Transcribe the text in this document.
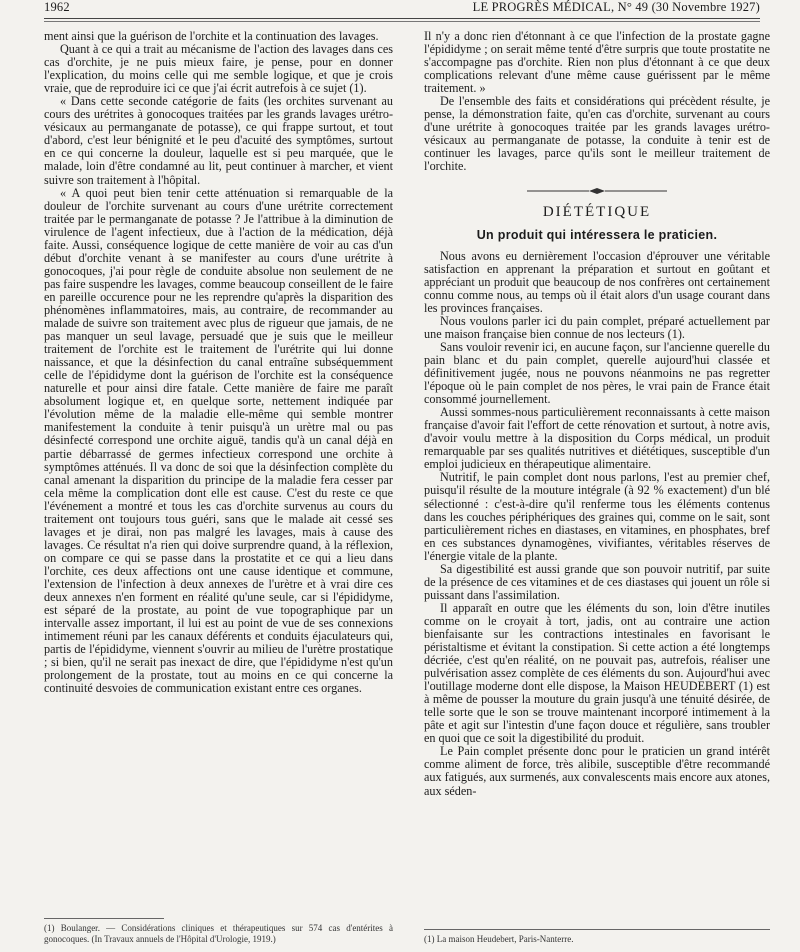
1962	LE PROGRÈS MÉDICAL, N° 49 (30 Novembre 1927)

ment ainsi que la guérison de l'orchite et la continuation des lavages.

Quant à ce qui a trait au mécanisme de l'action des lavages dans ces cas d'orchite, je ne puis mieux faire, je pense, pour en donner l'explication, du moins celle qui me semble logique, et que je crois vraie, que de reproduire ici ce que j'ai écrit autrefois à ce sujet (1).

« Dans cette seconde catégorie de faits (les orchites survenant au cours des urétrites à gonocoques traitées par les grands lavages urétro-vésicaux au permanganate de potasse), ce qui frappe surtout, et tout d'abord, c'est leur bénignité et le peu d'acuité des symptômes, surtout en ce qui concerne la douleur, laquelle est si peu marquée, que le malade, loin d'être condamné au lit, peut continuer à marcher, et vient suivre son traitement à l'hôpital.

« A quoi peut bien tenir cette atténuation si remarquable de la douleur de l'orchite survenant au cours d'une urétrite correctement traitée par le permanganate de potasse ? Je l'attribue à la diminution de virulence de l'agent infectieux, due à l'action de la médication, déjà faite. Aussi, conséquence logique de cette manière de voir au cas d'un début d'orchite venant à se manifester au cours d'une urétrite à gonocoques, j'ai pour règle de conduite absolue non seulement de ne pas faire suspendre les lavages, comme beaucoup conseillent de le faire en pareille occurence pour ne les reprendre qu'après la disparition des phénomènes inflammatoires, mais, au contraire, de recommander au malade de suivre son traitement avec plus de rigueur que jamais, de ne pas manquer un seul lavage, persuadé que je suis que le meilleur traitement de l'orchite est le traitement de l'urétrite qui lui donne naissance, et que la désinfection du canal entraîne subséquemment celle de l'épididyme dont la guérison de l'orchite est la conséquence naturelle et pour ainsi dire fatale. Cette manière de faire me paraît absolument logique et, en quelque sorte, nettement indiquée par l'évolution même de la maladie elle-même qui semble montrer manifestement la conduite à tenir puisqu'à un urètre mal ou pas désinfecté correspond une orchite aiguë, tandis qu'à un canal déjà en partie débarrassé de germes infectieux correspond une orchite à symptômes atténués. Il va donc de soi que la désinfection complète du canal amenant la disparition du principe de la maladie fera cesser par cela même la complication dont elle est cause. C'est du reste ce que l'événement a montré et tous les cas d'orchite survenus au cours du traitement ont toujours tous guéri, sans que le malade ait cessé ses lavages et je dirai, non pas malgré les lavages, mais à cause des lavages. Ce résultat n'a rien qui doive surprendre quand, à la réflexion, on compare ce qui se passe dans la prostatite et ce qui a lieu dans l'orchite, ces deux affections ont une cause identique et commune, l'extension de l'infection à deux annexes de l'urètre et à vrai dire ces deux annexes n'en forment en réalité qu'une seule, car si l'épididyme, est séparé de la prostate, au point de vue topographique par un intervalle assez important, il lui est au point de vue de ses connexions intimement réuni par les canaux déférents et conduits éjaculateurs qui, partis de l'épididyme, viennent s'ouvrir au milieu de l'urètre prostatique ; si bien, qu'il ne serait pas inexact de dire, que l'épididyme n'est qu'un prolongement de la prostate, tout au moins en ce qui concerne la continuité desvoies de communication existant entre ces organes.

(1) Boulanger. — Considérations cliniques et thérapeutiques sur 574 cas d'entérites à gonocoques. (In Travaux annuels de l'Hôpital d'Urologie, 1919.)

Il n'y a donc rien d'étonnant à ce que l'infection de la prostate gagne l'épididyme ; on serait même tenté d'être surpris que toute prostatite ne s'accompagne pas d'orchite. Rien non plus d'étonnant à ce que deux complications relevant d'une même cause guérissent par le même traitement. »

De l'ensemble des faits et considérations qui précèdent résulte, je pense, la démonstration faite, qu'en cas d'orchite, survenant au cours d'une urétrite à gonocoques traitée par les grands lavages urétro-vésicaux au permanganate de potasse, la conduite à tenir est de continuer les lavages, parce qu'ils sont le meilleur traitement de l'orchite.

DIÉTÉTIQUE
Un produit qui intéressera le praticien.

Nous avons eu dernièrement l'occasion d'éprouver une véritable satisfaction en apprenant la préparation et surtout en goûtant et appréciant un produit que beaucoup de nos confrères ont certainement connu comme nous, au temps où il était alors d'un usage courant dans les provinces françaises.

Nous voulons parler ici du pain complet, préparé actuellement par une maison française bien connue de nos lecteurs (1).

Sans vouloir revenir ici, en aucune façon, sur l'ancienne querelle du pain blanc et du pain complet, querelle aujourd'hui classée et définitivement jugée, nous ne pouvons néanmoins ne pas regretter l'époque où le pain complet de nos pères, le vrai pain de France était consommé journellement.

Aussi sommes-nous particulièrement reconnaissants à cette maison française d'avoir fait l'effort de cette rénovation et surtout, à notre avis, d'avoir voulu mettre à la disposition du Corps médical, un produit remarquable par ses qualités nutritives et diététiques, susceptible d'un emploi judicieux en thérapeutique alimentaire.

Nutritif, le pain complet dont nous parlons, l'est au premier chef, puisqu'il résulte de la mouture intégrale (à 92 % exactement) d'un blé sélectionné : c'est-à-dire qu'il renferme tous les éléments contenus dans les couches périphériques des graines qui, comme on le sait, sont particulièrement riches en diastases, en vitamines, en phosphates, bref en ces substances dynamogènes, vivifiantes, véritables réserves de l'énergie vitale de la plante.

Sa digestibilité est aussi grande que son pouvoir nutritif, par suite de la présence de ces vitamines et de ces diastases qui jouent un rôle si puissant dans l'assimilation.

Il apparaît en outre que les éléments du son, loin d'être inutiles comme on le croyait à tort, jadis, ont au contraire une action bienfaisante sur les contractions intestinales en favorisant le péristaltisme et évitant la constipation. Si cette action a été longtemps décriée, c'est qu'en réalité, on ne pouvait pas, autrefois, réaliser une pulvérisation assez complète de ces éléments du son. Aujourd'hui avec l'outillage moderne dont elle dispose, la Maison HEUDEBERT (1) est à même de pousser la mouture du grain jusqu'à une ténuité désirée, de telle sorte que le son se trouve maintenant incorporé intimement à la pâte et agit sur l'intestin d'une façon douce et régulière, sans troubler en quoi que ce soit la digestibilité du produit.

Le Pain complet présente donc pour le praticien un grand intérêt comme aliment de force, très alibile, susceptible d'être recommandé aux fatigués, aux surmenés, aux convalescents mais encore aux atones, aux séden-

(1) La maison Heudebert, Paris-Nanterre.
